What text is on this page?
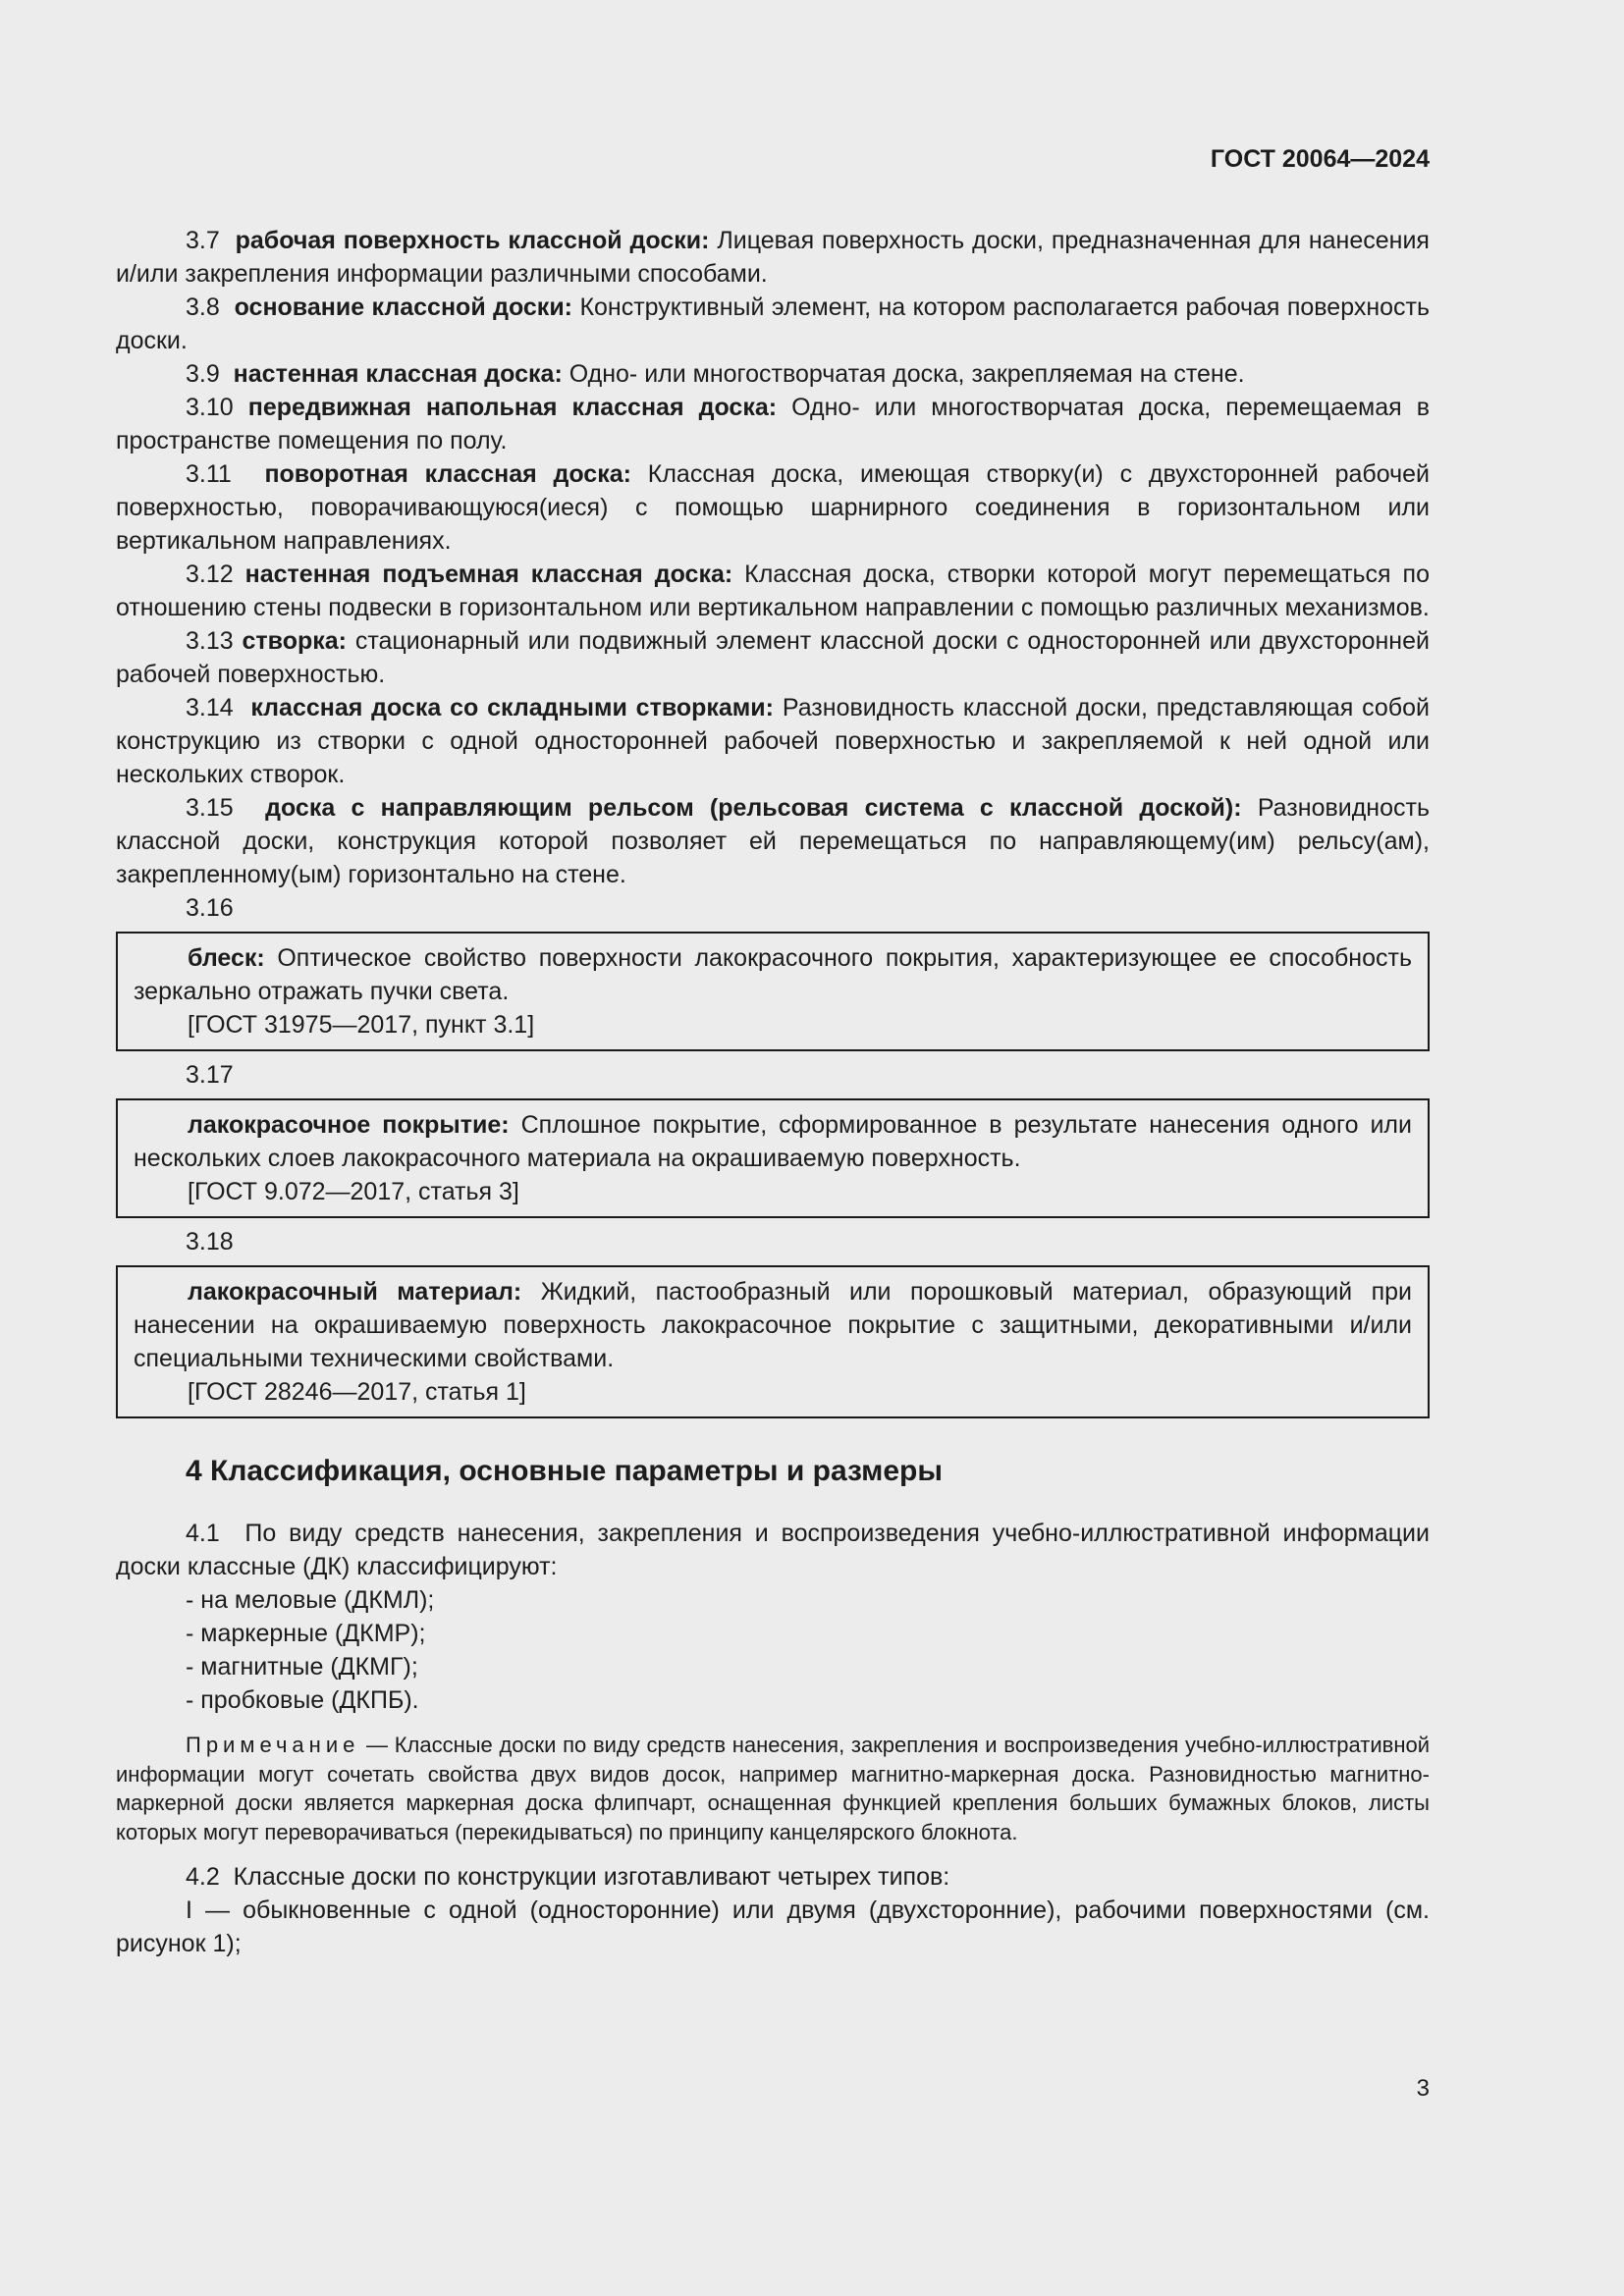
ГОСТ 20064—2024

3.7 рабочая поверхность классной доски: Лицевая поверхность доски, предназначенная для нанесения и/или закрепления информации различными способами.

3.8 основание классной доски: Конструктивный элемент, на котором располагается рабочая поверхность доски.

3.9 настенная классная доска: Одно- или многостворчатая доска, закрепляемая на стене.

3.10 передвижная напольная классная доска: Одно- или многостворчатая доска, перемещаемая в пространстве помещения по полу.

3.11 поворотная классная доска: Классная доска, имеющая створку(и) с двухсторонней рабочей поверхностью, поворачивающуюся(иеся) с помощью шарнирного соединения в горизонтальном или вертикальном направлениях.

3.12 настенная подъемная классная доска: Классная доска, створки которой могут перемещаться по отношению стены подвески в горизонтальном или вертикальном направлении с помощью различных механизмов.

3.13 створка: стационарный или подвижный элемент классной доски с односторонней или двухсторонней рабочей поверхностью.

3.14 классная доска со складными створками: Разновидность классной доски, представляющая собой конструкцию из створки с одной односторонней рабочей поверхностью и закрепляемой к ней одной или нескольких створок.

3.15 доска с направляющим рельсом (рельсовая система с классной доской): Разновидность классной доски, конструкция которой позволяет ей перемещаться по направляющему(им) рельсу(ам), закрепленному(ым) горизонтально на стене.

3.16

блеск: Оптическое свойство поверхности лакокрасочного покрытия, характеризующее ее способность зеркально отражать пучки света.

[ГОСТ 31975—2017, пункт 3.1]

3.17

лакокрасочное покрытие: Сплошное покрытие, сформированное в результате нанесения одного или нескольких слоев лакокрасочного материала на окрашиваемую поверхность.

[ГОСТ 9.072—2017, статья 3]

3.18

лакокрасочный материал: Жидкий, пастообразный или порошковый материал, образующий при нанесении на окрашиваемую поверхность лакокрасочное покрытие с защитными, декоративными и/или специальными техническими свойствами.

[ГОСТ 28246—2017, статья 1]

4 Классификация, основные параметры и размеры

4.1 По виду средств нанесения, закрепления и воспроизведения учебно-иллюстративной информации доски классные (ДК) классифицируют:

- на меловые (ДКМЛ);

- маркерные (ДКМР);

- магнитные (ДКМГ);

- пробковые (ДКПБ).

Примечание — Классные доски по виду средств нанесения, закрепления и воспроизведения учебно-иллюстративной информации могут сочетать свойства двух видов досок, например магнитно-маркерная доска. Разновидностью магнитно-маркерной доски является маркерная доска флипчарт, оснащенная функцией крепления больших бумажных блоков, листы которых могут переворачиваться (перекидываться) по принципу канцелярского блокнота.

4.2 Классные доски по конструкции изготавливают четырех типов:

I — обыкновенные с одной (односторонние) или двумя (двухсторонние), рабочими поверхностями (см. рисунок 1);

3
